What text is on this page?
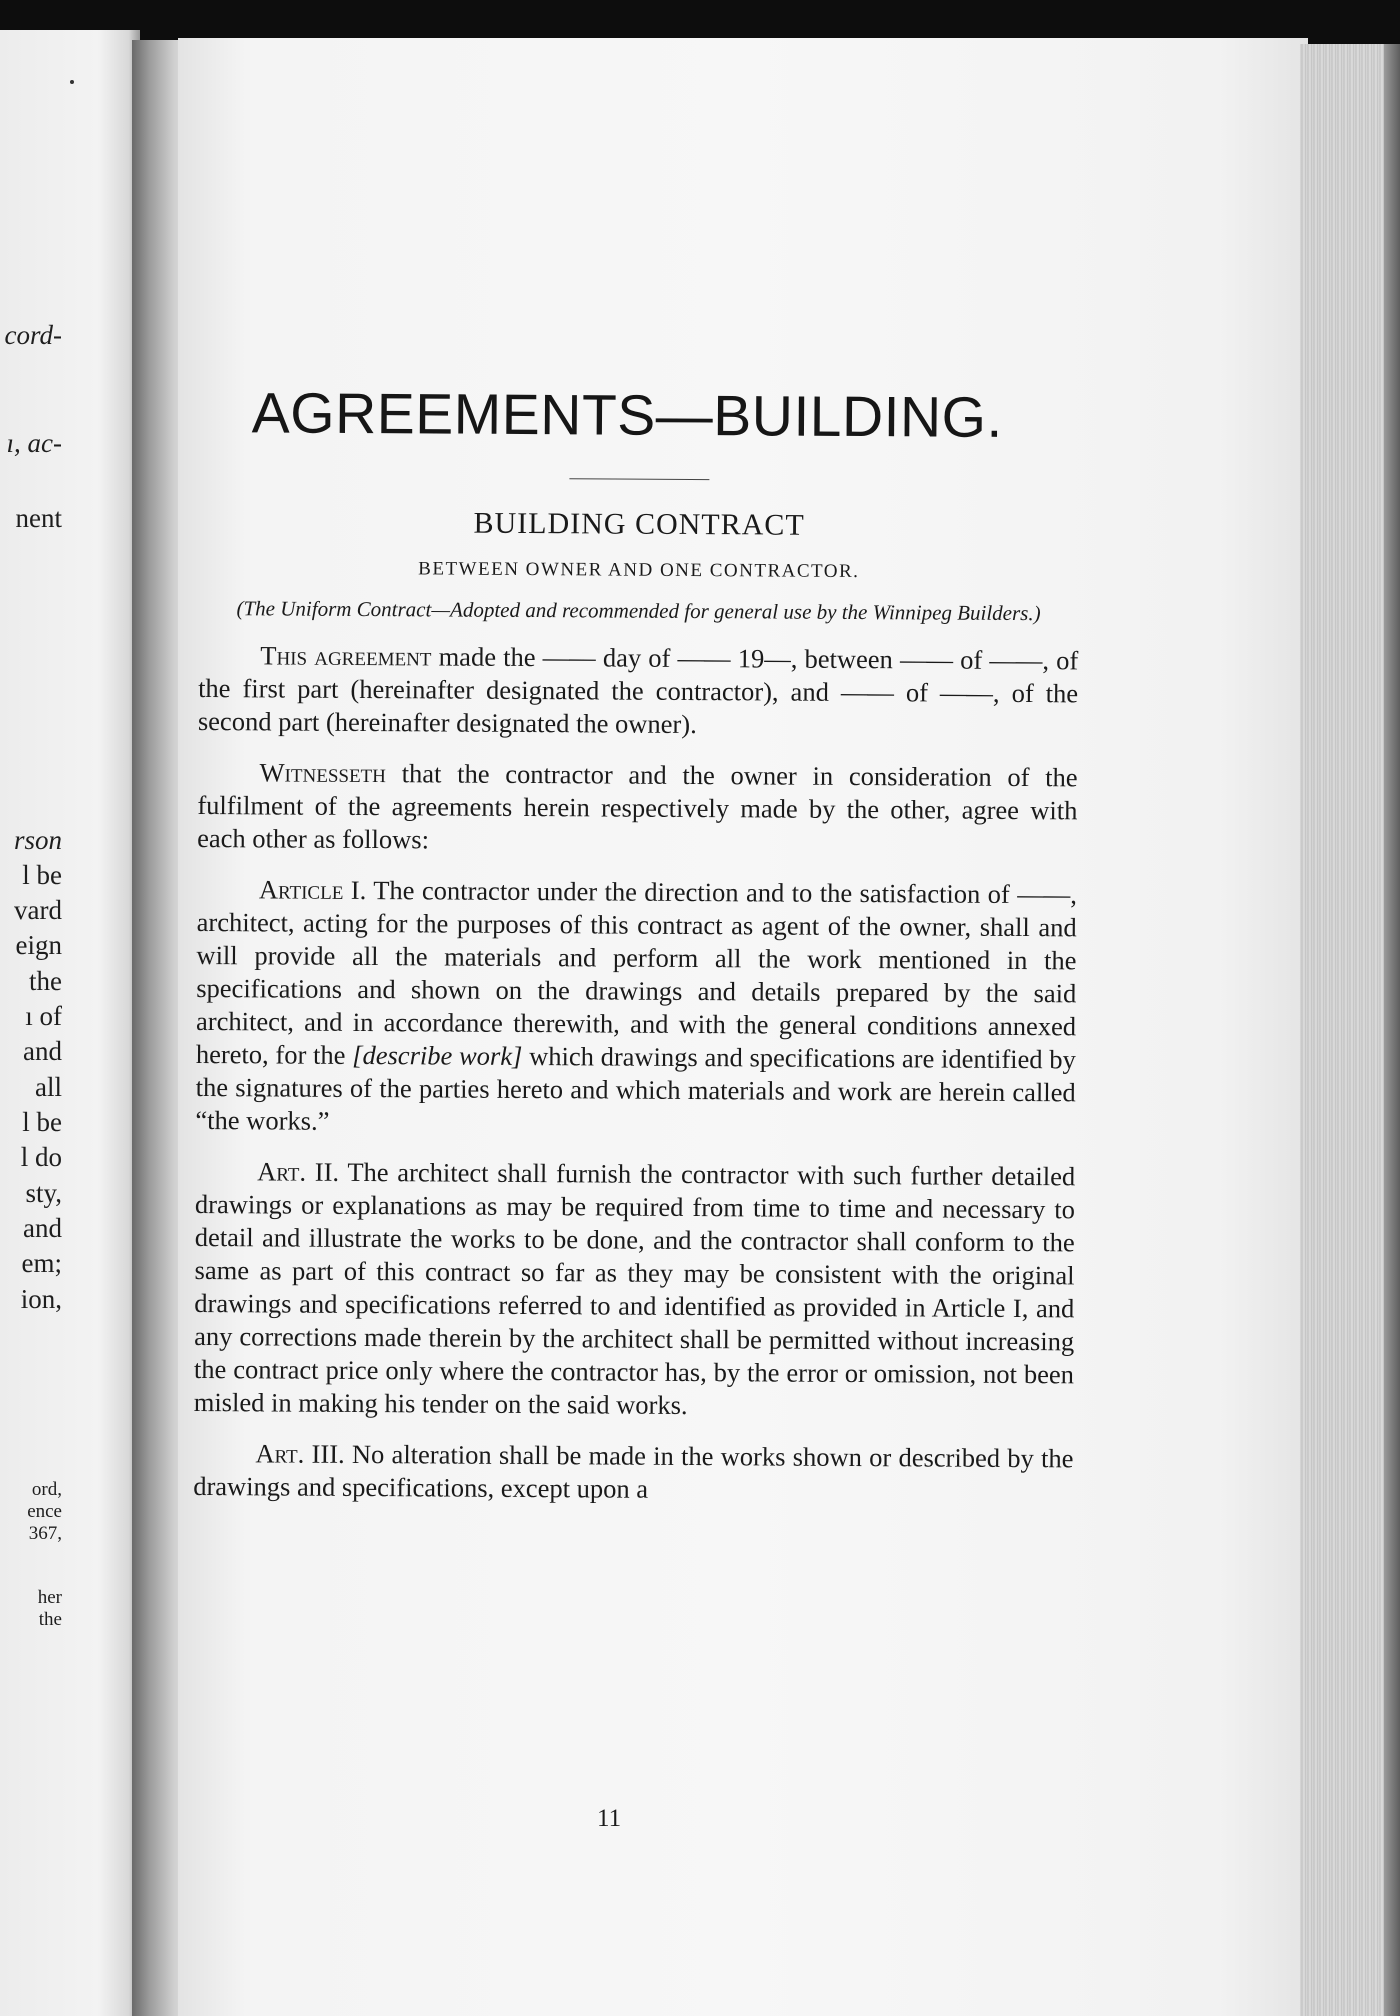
cord-
ı, ac-
nent
rson
l be
vard
eign
the
ı of
and
all
l be
l do
sty,
and
em;
ion,
ord,
ence
367,
her
the
AGREEMENTS—BUILDING.
BUILDING CONTRACT
BETWEEN OWNER AND ONE CONTRACTOR.
(The Uniform Contract—Adopted and recommended for general use by the Winnipeg Builders.)

This agreement made the —— day of —— 19—, between —— of ——, of the first part (hereinafter designated the contractor), and —— of ——, of the second part (hereinafter designated the owner).

Witnesseth that the contractor and the owner in consideration of the fulfilment of the agreements herein respectively made by the other, agree with each other as follows:

Article I. The contractor under the direction and to the satisfaction of ——, architect, acting for the purposes of this contract as agent of the owner, shall and will provide all the materials and perform all the work mentioned in the specifications and shown on the drawings and details prepared by the said architect, and in accordance therewith, and with the general conditions annexed hereto, for the [describe work] which drawings and specifications are identified by the signatures of the parties hereto and which materials and work are herein called “the works.”

Art. II. The architect shall furnish the contractor with such further detailed drawings or explanations as may be required from time to time and necessary to detail and illustrate the works to be done, and the contractor shall conform to the same as part of this contract so far as they may be consistent with the original drawings and specifications referred to and identified as provided in Article I, and any corrections made therein by the architect shall be permitted without increasing the contract price only where the contractor has, by the error or omission, not been misled in making his tender on the said works.

Art. III. No alteration shall be made in the works shown or described by the drawings and specifications, except upon a

11
